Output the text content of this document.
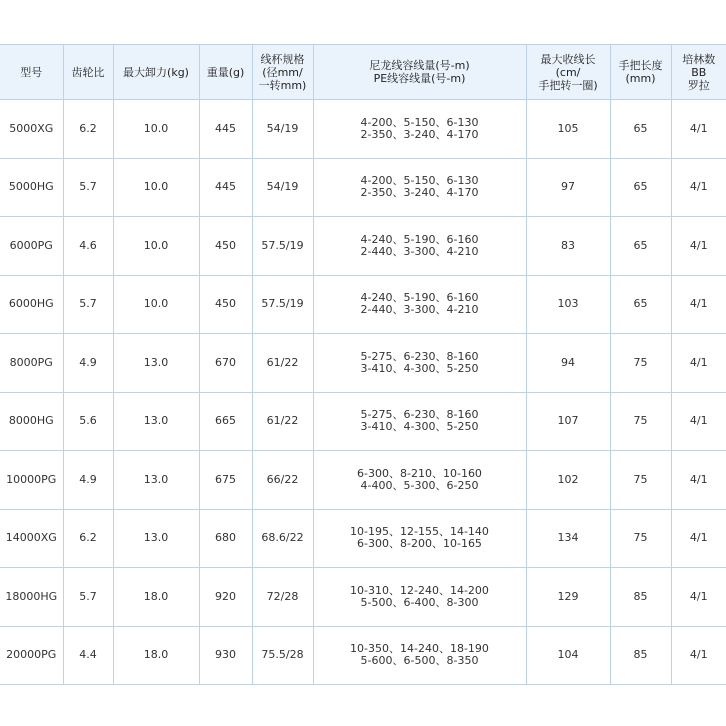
型号	齿轮比	最大卸力(kg)	重量(g)	线杯规格
(径mm/
一转mm)	尼龙线容线量(号-m)
PE线容线量(号-m)	最大收线长
(cm/
手把转一圈)	手把长度
(mm)	培林数
BB
罗拉

5000XG	6.2	10.0	445	54/19	4-200、5-150、6-130
2-350、3-240、4-170	105	65	4/1
5000HG	5.7	10.0	445	54/19	4-200、5-150、6-130
2-350、3-240、4-170	97	65	4/1
6000PG	4.6	10.0	450	57.5/19	4-240、5-190、6-160
2-440、3-300、4-210	83	65	4/1
6000HG	5.7	10.0	450	57.5/19	4-240、5-190、6-160
2-440、3-300、4-210	103	65	4/1
8000PG	4.9	13.0	670	61/22	5-275、6-230、8-160
3-410、4-300、5-250	94	75	4/1
8000HG	5.6	13.0	665	61/22	5-275、6-230、8-160
3-410、4-300、5-250	107	75	4/1
10000PG	4.9	13.0	675	66/22	6-300、8-210、10-160
4-400、5-300、6-250	102	75	4/1
14000XG	6.2	13.0	680	68.6/22	10-195、12-155、14-140
6-300、8-200、10-165	134	75	4/1
18000HG	5.7	18.0	920	72/28	10-310、12-240、14-200
5-500、6-400、8-300	129	85	4/1
20000PG	4.4	18.0	930	75.5/28	10-350、14-240、18-190
5-600、6-500、8-350	104	85	4/1
